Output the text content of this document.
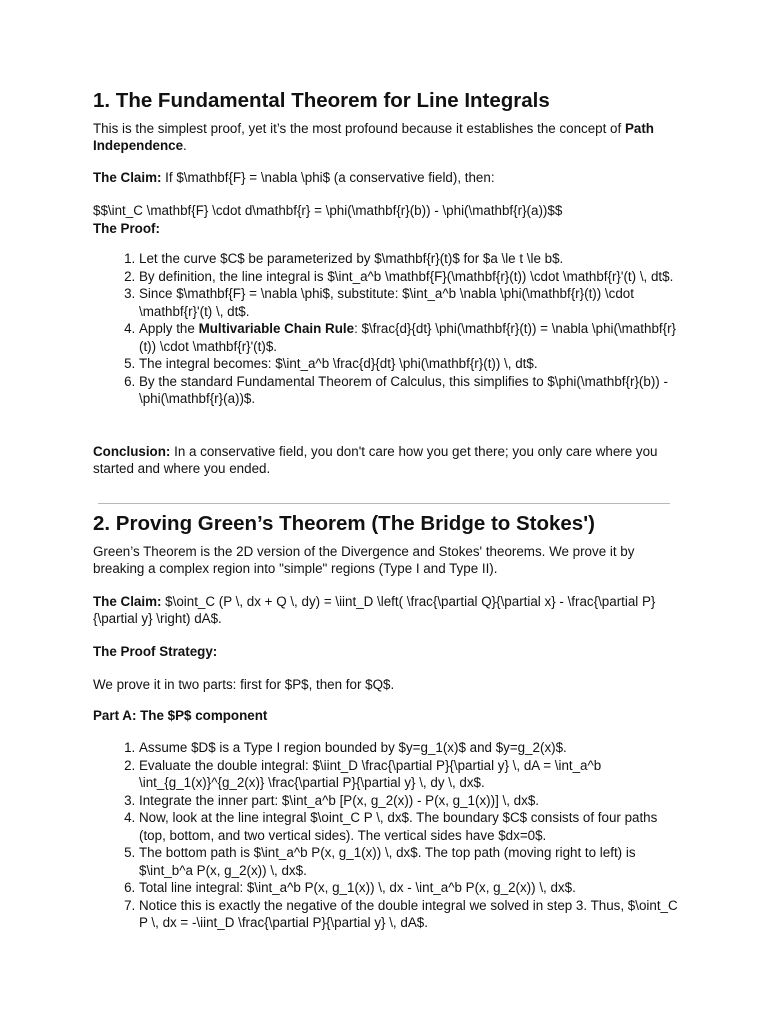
1. The Fundamental Theorem for Line Integrals

This is the simplest proof, yet it’s the most profound because it establishes the concept of Path Independence.

The Claim: If $\mathbf{F} = \nabla \phi$ (a conservative field), then:

$$\int_C \mathbf{F} \cdot d\mathbf{r} = \phi(\mathbf{r}(b)) - \phi(\mathbf{r}(a))$$

The Proof:

1. Let the curve $C$ be parameterized by $\mathbf{r}(t)$ for $a \le t \le b$.
2. By definition, the line integral is $\int_a^b \mathbf{F}(\mathbf{r}(t)) \cdot \mathbf{r}'(t) \, dt$.
3. Since $\mathbf{F} = \nabla \phi$, substitute: $\int_a^b \nabla \phi(\mathbf{r}(t)) \cdot \mathbf{r}'(t) \, dt$.
4. Apply the Multivariable Chain Rule: $\frac{d}{dt} \phi(\mathbf{r}(t)) = \nabla \phi(\mathbf{r}(t)) \cdot \mathbf{r}'(t)$.
5. The integral becomes: $\int_a^b \frac{d}{dt} \phi(\mathbf{r}(t)) \, dt$.
6. By the standard Fundamental Theorem of Calculus, this simplifies to $\phi(\mathbf{r}(b)) - \phi(\mathbf{r}(a))$.

Conclusion: In a conservative field, you don't care how you get there; you only care where you started and where you ended.

2. Proving Green’s Theorem (The Bridge to Stokes')

Green’s Theorem is the 2D version of the Divergence and Stokes' theorems. We prove it by breaking a complex region into "simple" regions (Type I and Type II).

The Claim: $\oint_C (P \, dx + Q \, dy) = \iint_D \left( \frac{\partial Q}{\partial x} - \frac{\partial P}{\partial y} \right) dA$.

The Proof Strategy:

We prove it in two parts: first for $P$, then for $Q$.

Part A: The $P$ component

1. Assume $D$ is a Type I region bounded by $y=g_1(x)$ and $y=g_2(x)$.
2. Evaluate the double integral: $\iint_D \frac{\partial P}{\partial y} \, dA = \int_a^b \int_{g_1(x)}^{g_2(x)} \frac{\partial P}{\partial y} \, dy \, dx$.
3. Integrate the inner part: $\int_a^b [P(x, g_2(x)) - P(x, g_1(x))] \, dx$.
4. Now, look at the line integral $\oint_C P \, dx$. The boundary $C$ consists of four paths (top, bottom, and two vertical sides). The vertical sides have $dx=0$.
5. The bottom path is $\int_a^b P(x, g_1(x)) \, dx$. The top path (moving right to left) is $\int_b^a P(x, g_2(x)) \, dx$.
6. Total line integral: $\int_a^b P(x, g_1(x)) \, dx - \int_a^b P(x, g_2(x)) \, dx$.
7. Notice this is exactly the negative of the double integral we solved in step 3. Thus, $\oint_C P \, dx = -\iint_D \frac{\partial P}{\partial y} \, dA$.
